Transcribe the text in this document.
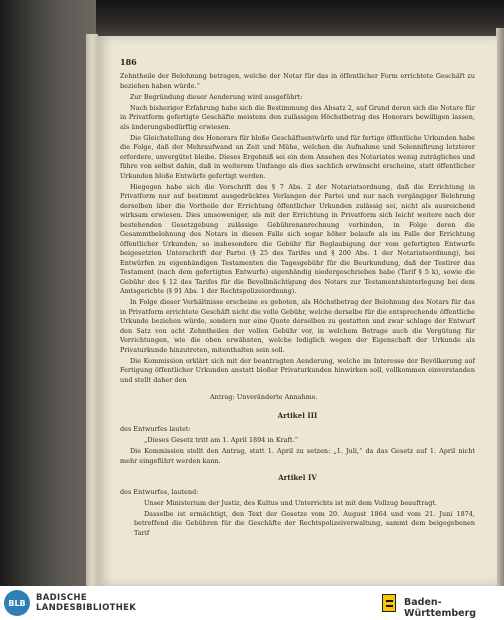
186

Zehntheile der Belohnung betragen, welche der Notar für das in öffentlicher Form errichtete Geschäft zu beziehen haben würde.“

Zur Begründung dieser Aenderung wird ausgeführt:

Nach bisheriger Erfahrung habe sich die Bestimmung des Absatz 2, auf Grund deren sich die Notare für in Privatform gefertigte Geschäfte meistens den zulässigen Höchstbetrag des Honorars bewilligen lassen, als änderungsbedürftig erwiesen.

Die Gleichstellung des Honorars für bloße Geschäftsentwürfe und für fertige öffentliche Urkunden habe die Folge, daß der Mehraufwand an Zeit und Mühe, welchen die Aufnahme und Solennifirung letzterer erfordere, unvergütet bleibe. Dieses Ergebniß sei ein dem Ansehen des Notariates wenig zuträgliches und führe von selbst dahin, daß in weiterem Umfange als dies sachlich erwünscht erscheine, statt öffentlicher Urkunden bloße Entwürfe gefertigt werden.

Hiegegen habe sich die Vorschrift des § 7 Abs. 2 der Notariatsordnung, daß die Errichtung in Privatform nur auf bestimmt ausgedrücktes Verlangen der Partei und nur nach vorgängiger Belehrung derselben über die Vortheile der Errichtung öffentlicher Urkunden zulässig sei, nicht als ausreichend wirksam erwiesen. Dies umsoweniger, als mit der Errichtung in Privatform sich leicht weitere nach der bestehenden Gesetzgebung zulässige Gebührenanrechnung verbinden, in Folge deren die Gesammtbelohnung des Notars in diesen Falle sich sogar höher belaufe als im Falle der Errichtung öffentlicher Urkunden; so insbesondere die Gebühr für Beglaubigung der vom gefertigten Entwurfe beigesetzten Unterschrift der Partei (§ 25 des Tarifes und § 200 Abs. 1 der Notariatsordnung), bei Entwürfen zu eigenhändigen Testamenten die Tagesgebühr für die Beurkundung, daß der Testirer das Testament (nach dem gefertigten Entwurfe) eigenhändig niedergeschrieben habe (Tarif § 5 k), sowie die Gebühr des § 12 des Tarifes für die Bevollmächtigung des Notars zur Testamentshinterlegung bei dem Amtsgerichte (§ 91 Abs. 1 der Rechtspolizeiordnung).

In Folge dieser Verhältnisse erscheine es geboten, als Höchstbetrag der Belohnung des Notars für das in Privatform errichtete Geschäft nicht die volle Gebühr, welche derselbe für die entsprechende öffentliche Urkunde beziehen würde, sondern nur eine Quote derselben zu gestatten und zwar schlage der Entwurf den Satz von acht Zehntheilen der vollen Gebühr vor, in welchem Betrage auch die Vergütung für Verrichtungen, wie die oben erwähnten, welche lediglich wegen der Eigenschaft der Urkunde als Privaturkunde hinzutreten, mitenthalten sein soll.

Die Kommission erklärt sich mit der beantragten Aenderung, welche im Interesse der Bevölkerung auf Fertigung öffentlicher Urkunden anstatt bloßer Privaturkunden hinwirken soll, vollkommen einverstanden und stellt daher den

Antrag: Unveränderte Annahme.

Artikel III

des Entwurfes lautet:

„Dieses Gesetz tritt am 1. April 1894 in Kraft.“

Die Kommission stellt den Antrag, statt 1. April zu setzen: „1. Juli,“ da das Gesetz auf 1. April nicht mehr eingeführt werden kann.

Artikel IV

des Entwurfes, lautend:

Unser Ministerium der Justiz, des Kultus und Unterrichts ist mit dem Vollzug beauftragt.

Dasselbe ist ermächtigt, den Text der Gesetze vom 20. August 1864 und vom 21. Juni 1874, betreffend die Gebühren für die Geschäfte der Rechtspolizeiverwaltung, sammt dem beigegebenen Tarif

BLB	BADISCHE
LANDESBIBLIOTHEK	Baden-Württemberg
